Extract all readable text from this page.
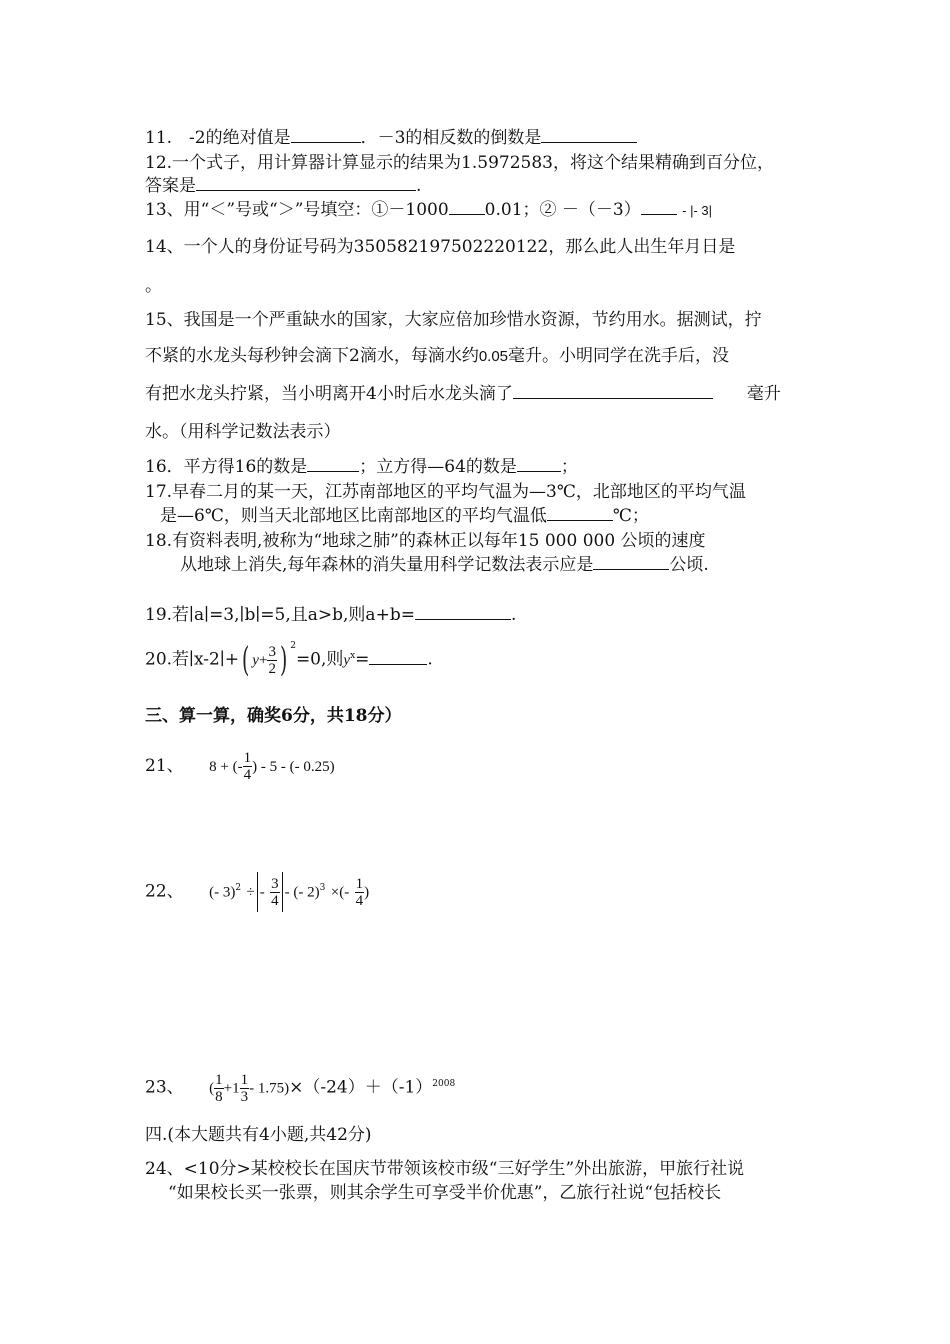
11.　-2的绝对值是	．－3的相反数的倒数是
12.一个式子，用计算器计算显示的结果为1.5972583，将这个结果精确到百分位，
答案是	.
13、用“＜”号或“＞”号填空：①－1000 0.01；② －（－3）	- |- 3|
14、一个人的身份证号码为350582197502220122，那么此人出生年月日是
。
15、我国是一个严重缺水的国家，大家应倍加珍惜水资源，节约用水。据测试，拧
不紧的水龙头每秒钟会滴下2滴水，每滴水约0.05毫升。小明同学在洗手后，没
有把水龙头拧紧，当小明离开4小时后水龙头滴了　　	毫升
水。（用科学记数法表示）
16．平方得16的数是	；立方得—64的数是	；
17.早春二月的某一天，江苏南部地区的平均气温为—3℃，北部地区的平均气温
是—6℃，则当天北部地区比南部地区的平均气温低	℃；
18.有资料表明,被称为“地球之肺”的森林正以每年15 000 000 公顷的速度
从地球上消失,每年森林的消失量用科学记数法表示应是	公顷.
19.若∣a∣=3,∣b∣=5,且a>b,则a+b=	.
20.若∣x-2∣+( $y+ \frac{3}{2}$ ) $^2$=0,则$y^x=$	.
三、算一算，确奖6分，共18分）
21、　　 8 + (- $\frac{1}{4}$ ) - 5 - (- 0.25)
22、　　 (- 3)$^2$ ÷ - $\frac{3}{4}$ - (- 2)$^3$ ×(- $\frac{1}{4}$ )
23、　　 ( $\frac{1}{8} +1 \frac{1}{3} - 1.75)\times(-24)+(-1)^{2008}$
四.(本大题共有4小题,共42分)
24、<10分>某校校长在国庆节带领该校市级“三好学生”外出旅游，甲旅行社说
“如果校长买一张票，则其余学生可享受半价优惠”，乙旅行社说“包括校长
